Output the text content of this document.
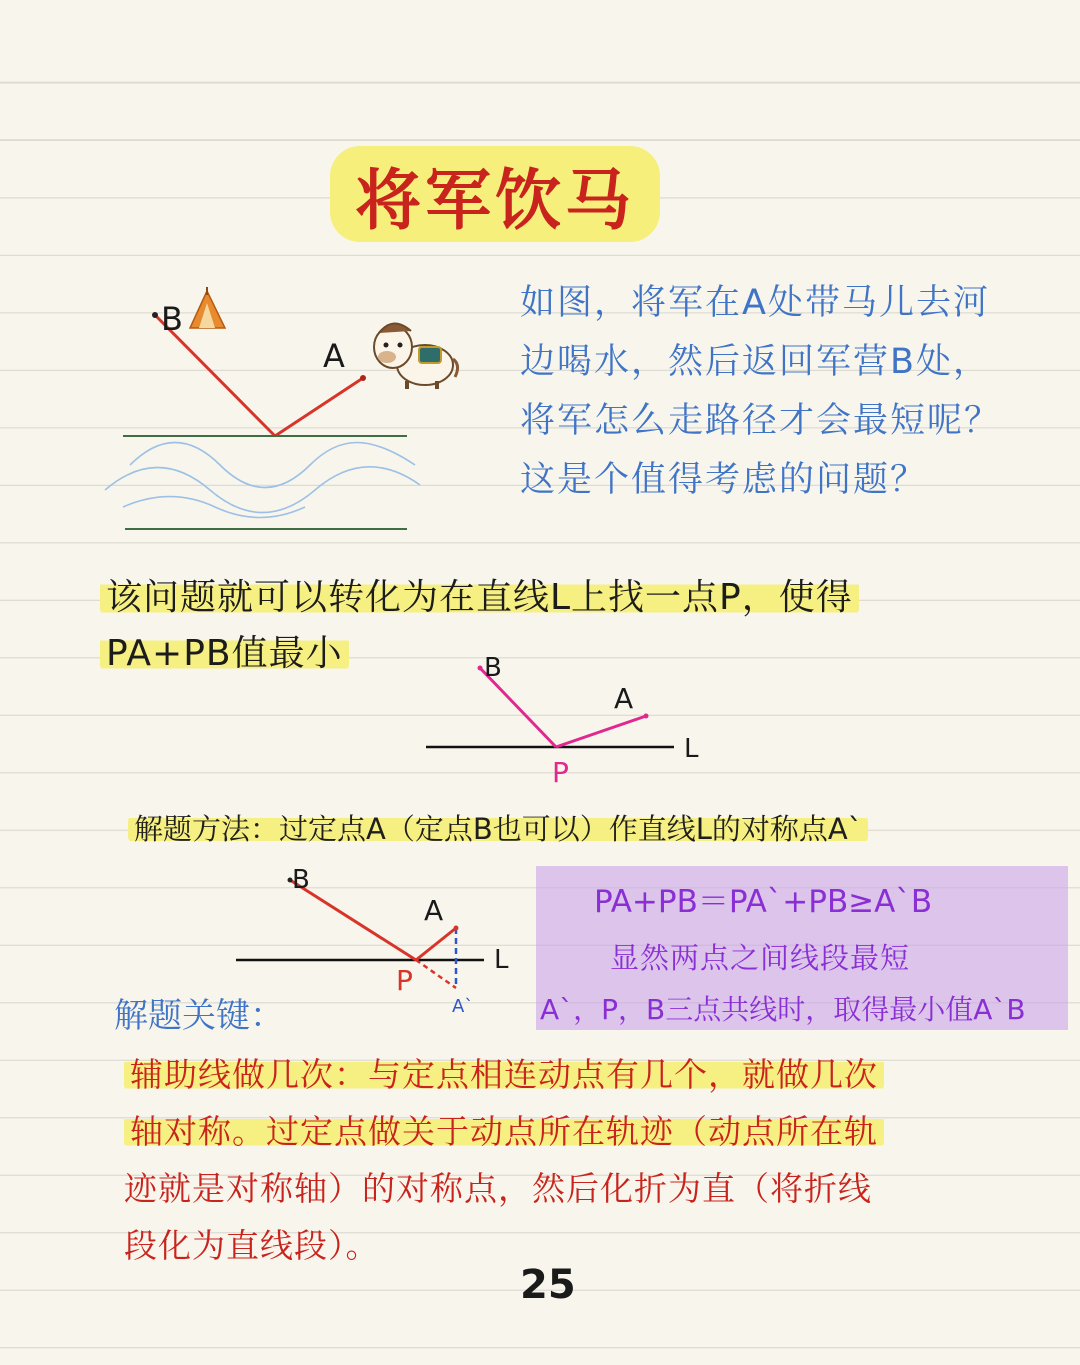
将军饮马
B
A
如图，将军在A处带马儿去河
边喝水，然后返回军营B处，
将军怎么走路径才会最短呢？
这是个值得考虑的问题？
该问题就可以转化为在直线L上找一点P，使得
PA+PB值最小	B
A
P
L
解题方法：过定点A（定点B也可以）作直线L的对称点A`
B
A
P
L
A`
PA+PB＝PA`+PB≥A`B
显然两点之间线段最短
A`，P，B三点共线时，取得最小值A`B
解题关键：
辅助线做几次：与定点相连动点有几个，就做几次
轴对称。过定点做关于动点所在轨迹（动点所在轨
迹就是对称轴）的对称点，然后化折为直（将折线
段化为直线段）。
25
